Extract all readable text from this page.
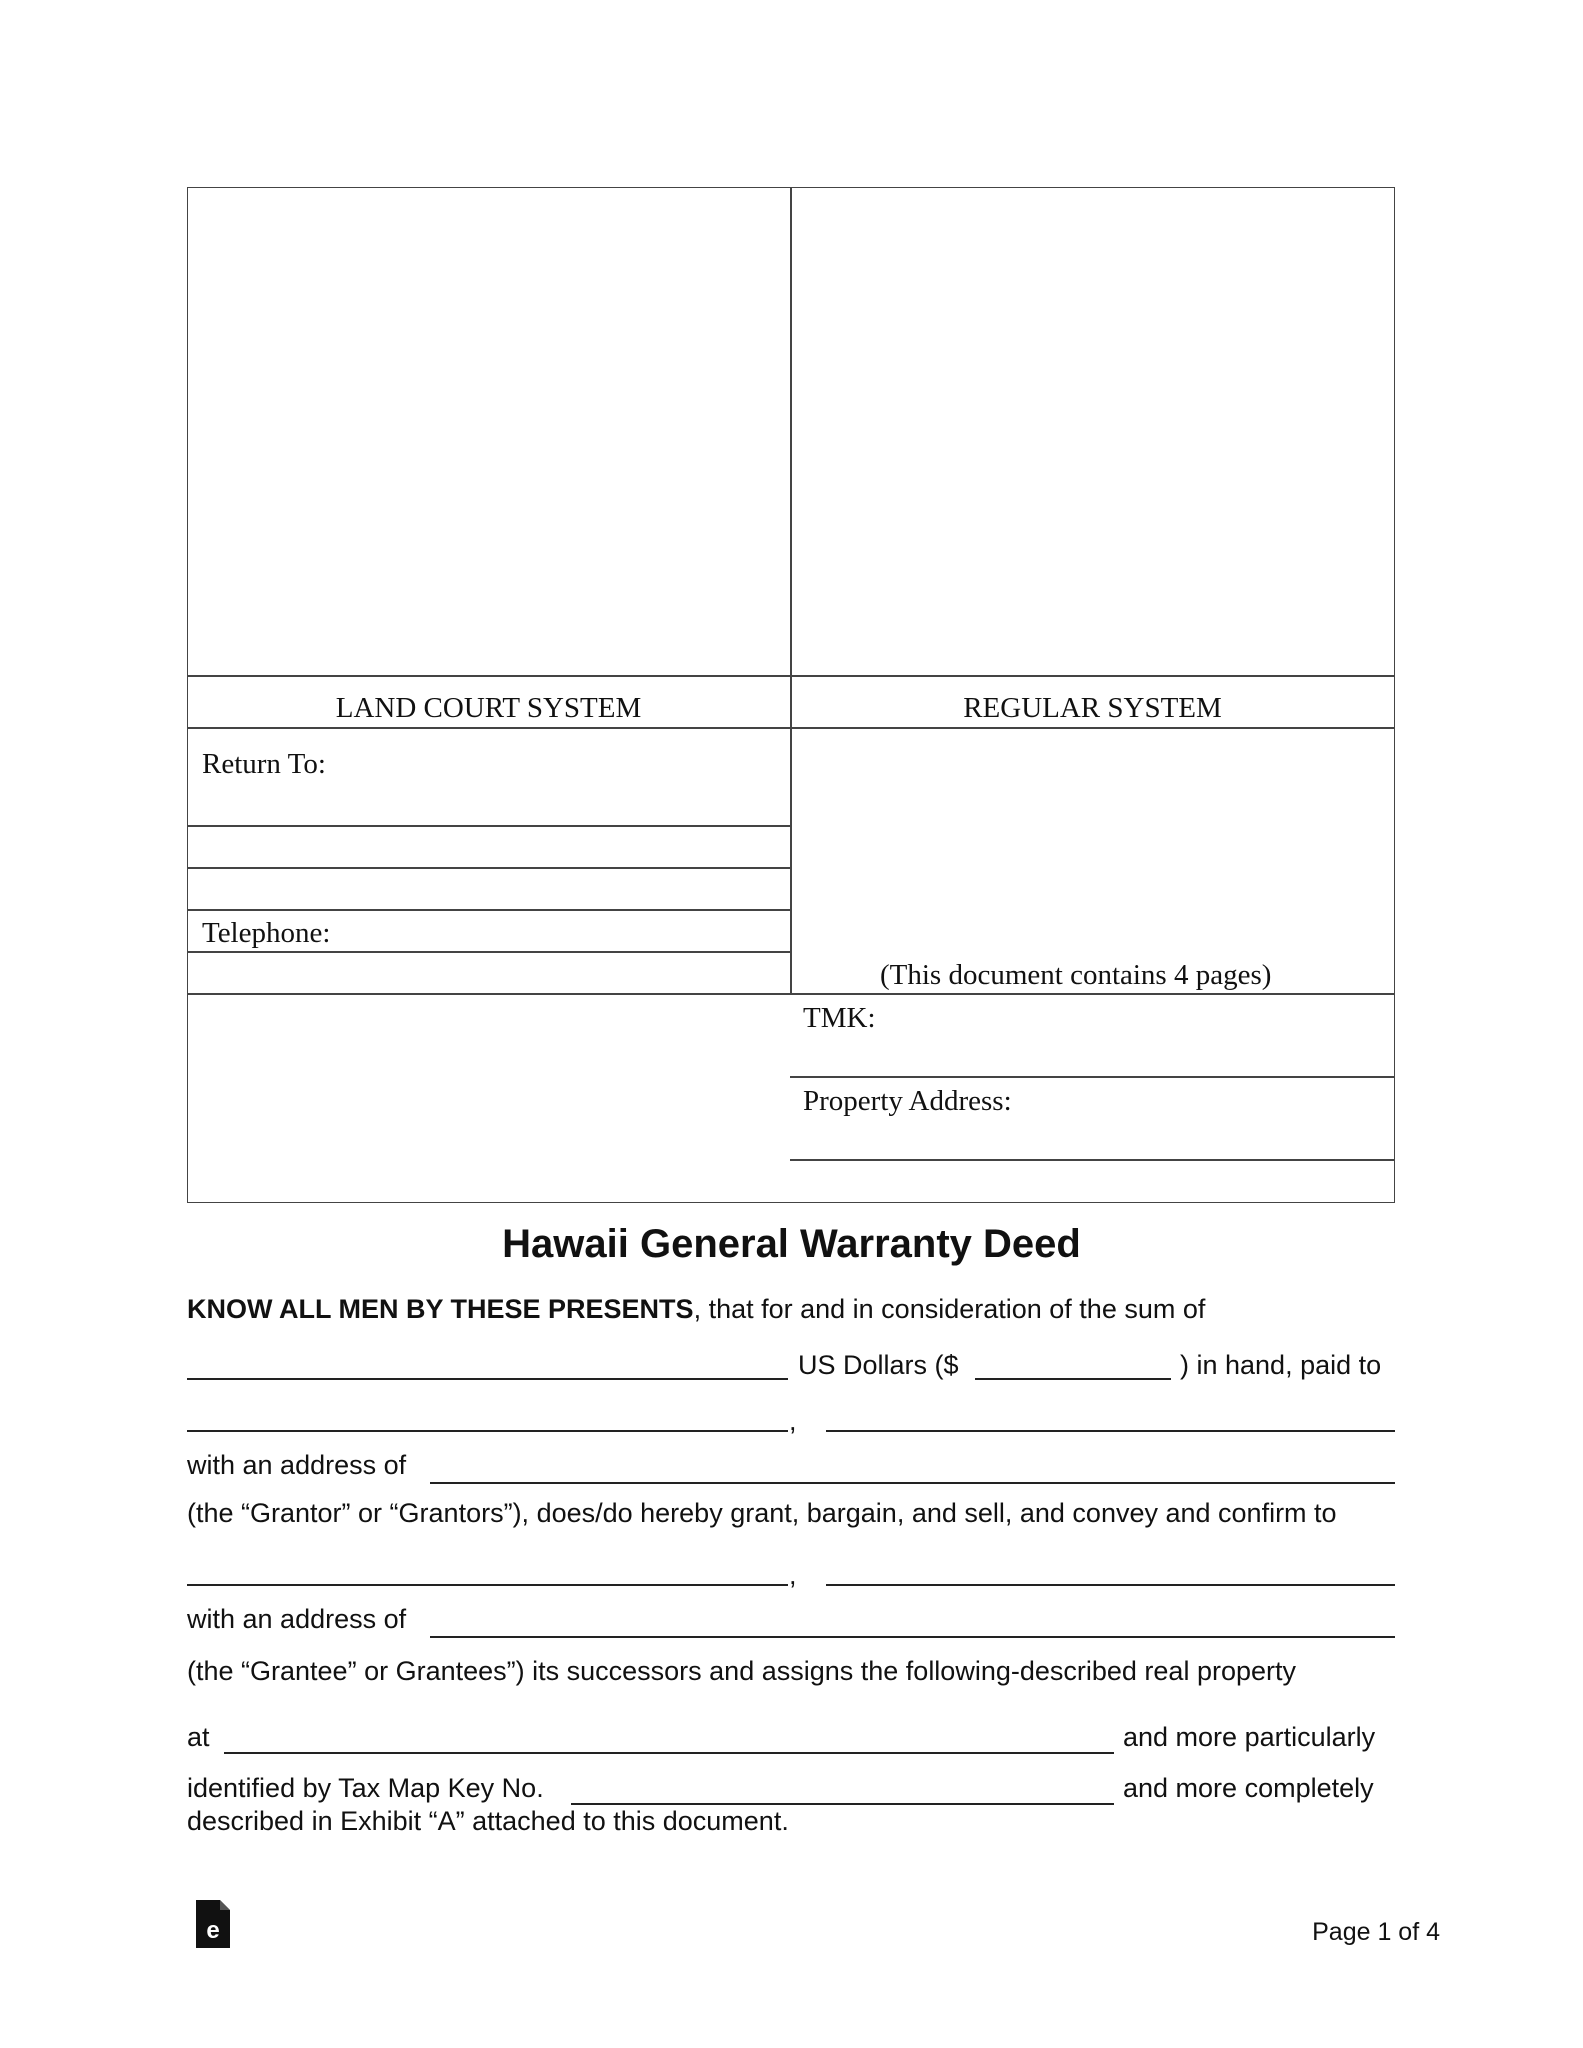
LAND COURT SYSTEM	REGULAR SYSTEM
Return To:
Telephone:
(This document contains 4 pages)
TMK:
Property Address:
Hawaii General Warranty Deed
KNOW ALL MEN BY THESE PRESENTS, that for and in consideration of the sum of
US Dollars ($	) in hand, paid to
,
with an address of
(the “Grantor” or “Grantors”), does/do hereby grant, bargain, and sell, and convey and confirm to
,
with an address of
(the “Grantee” or Grantees”) its successors and assigns the following-described real property
at	and more particularly
identified by Tax Map Key No.	and more completely
described in Exhibit “A” attached to this document.
e	Page 1 of 4
